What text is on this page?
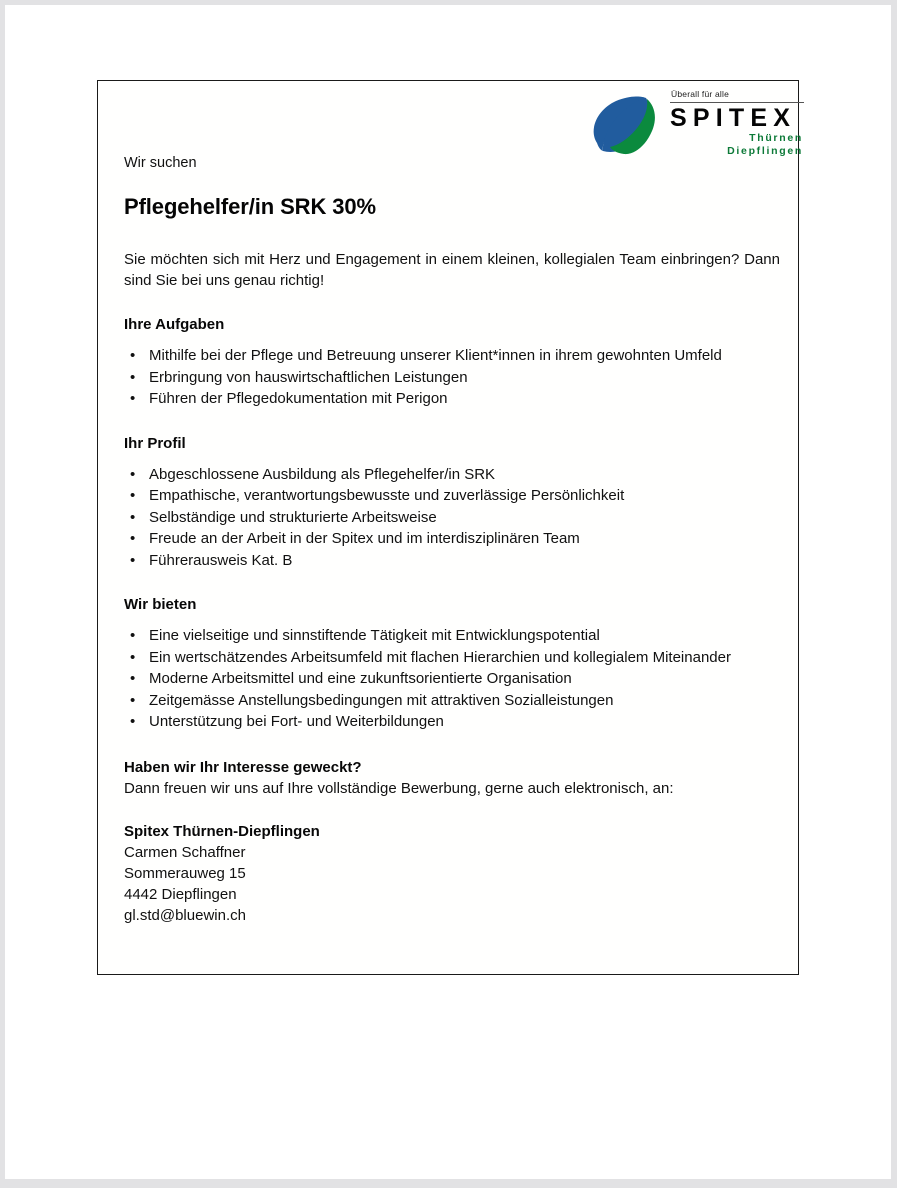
Überall für alle
SPITEX
Thürnen
Diepflingen
Wir suchen
Pflegehelfer/in SRK 30%

Sie möchten sich mit Herz und Engagement in einem kleinen, kollegialen Team einbringen? Dann sind Sie bei uns genau richtig!

Ihre Aufgaben
• Mithilfe bei der Pflege und Betreuung unserer Klient*innen in ihrem gewohnten Umfeld
• Erbringung von hauswirtschaftlichen Leistungen
• Führen der Pflegedokumentation mit Perigon
Ihr Profil
• Abgeschlossene Ausbildung als Pflegehelfer/in SRK
• Empathische, verantwortungsbewusste und zuverlässige Persönlichkeit
• Selbständige und strukturierte Arbeitsweise
• Freude an der Arbeit in der Spitex und im interdisziplinären Team
• Führerausweis Kat. B
Wir bieten
• Eine vielseitige und sinnstiftende Tätigkeit mit Entwicklungspotential
• Ein wertschätzendes Arbeitsumfeld mit flachen Hierarchien und kollegialem Miteinander
• Moderne Arbeitsmittel und eine zukunftsorientierte Organisation
• Zeitgemässe Anstellungsbedingungen mit attraktiven Sozialleistungen
• Unterstützung bei Fort- und Weiterbildungen
Haben wir Ihr Interesse geweckt?
Dann freuen wir uns auf Ihre vollständige Bewerbung, gerne auch elektronisch, an:
Spitex Thürnen-Diepflingen
Carmen Schaffner
Sommerauweg 15
4442 Diepflingen
gl.std@bluewin.ch
